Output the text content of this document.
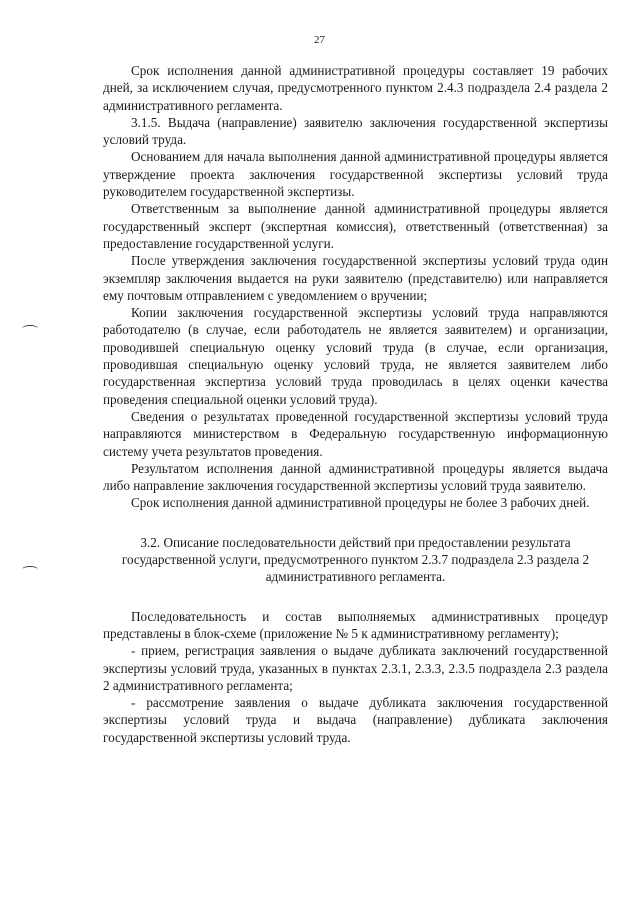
27

Срок исполнения данной административной процедуры составляет 19 рабочих дней, за исключением случая, предусмотренного пунктом 2.4.3 подраздела 2.4 раздела 2 административного регламента.

3.1.5. Выдача (направление) заявителю заключения государственной экспертизы условий труда.

Основанием для начала выполнения данной административной процедуры является утверждение проекта заключения государственной экспертизы условий труда руководителем государственной экспертизы.

Ответственным за выполнение данной административной процедуры является государственный эксперт (экспертная комиссия), ответственный (ответственная) за предоставление государственной услуги.

После утверждения заключения государственной экспертизы условий труда один экземпляр заключения выдается на руки заявителю (представителю) или направляется ему почтовым отправлением с уведомлением о вручении;

Копии заключения государственной экспертизы условий труда направляются работодателю (в случае, если работодатель не является заявителем) и организации, проводившей специальную оценку условий труда (в случае, если организация, проводившая специальную оценку условий труда, не является заявителем либо государственная экспертиза условий труда проводилась в целях оценки качества проведения специальной оценки условий труда).

Сведения о результатах проведенной государственной экспертизы условий труда направляются министерством в Федеральную государственную информационную систему учета результатов проведения.

Результатом исполнения данной административной процедуры является выдача либо направление заключения государственной экспертизы условий труда заявителю.

Срок исполнения данной административной процедуры не более 3 рабочих дней.

3.2. Описание последовательности действий при предоставлении результата государственной услуги, предусмотренного пунктом 2.3.7 подраздела 2.3 раздела 2 административного регламента.

Последовательность и состав выполняемых административных процедур представлены в блок-схеме (приложение № 5 к административному регламенту);

- прием, регистрация заявления о выдаче дубликата заключений государственной экспертизы условий труда, указанных в пунктах 2.3.1, 2.3.3, 2.3.5 подраздела 2.3 раздела 2 административного регламента;

- рассмотрение заявления о выдаче дубликата заключения государственной экспертизы условий труда и выдача (направление) дубликата заключения государственной экспертизы условий труда.
